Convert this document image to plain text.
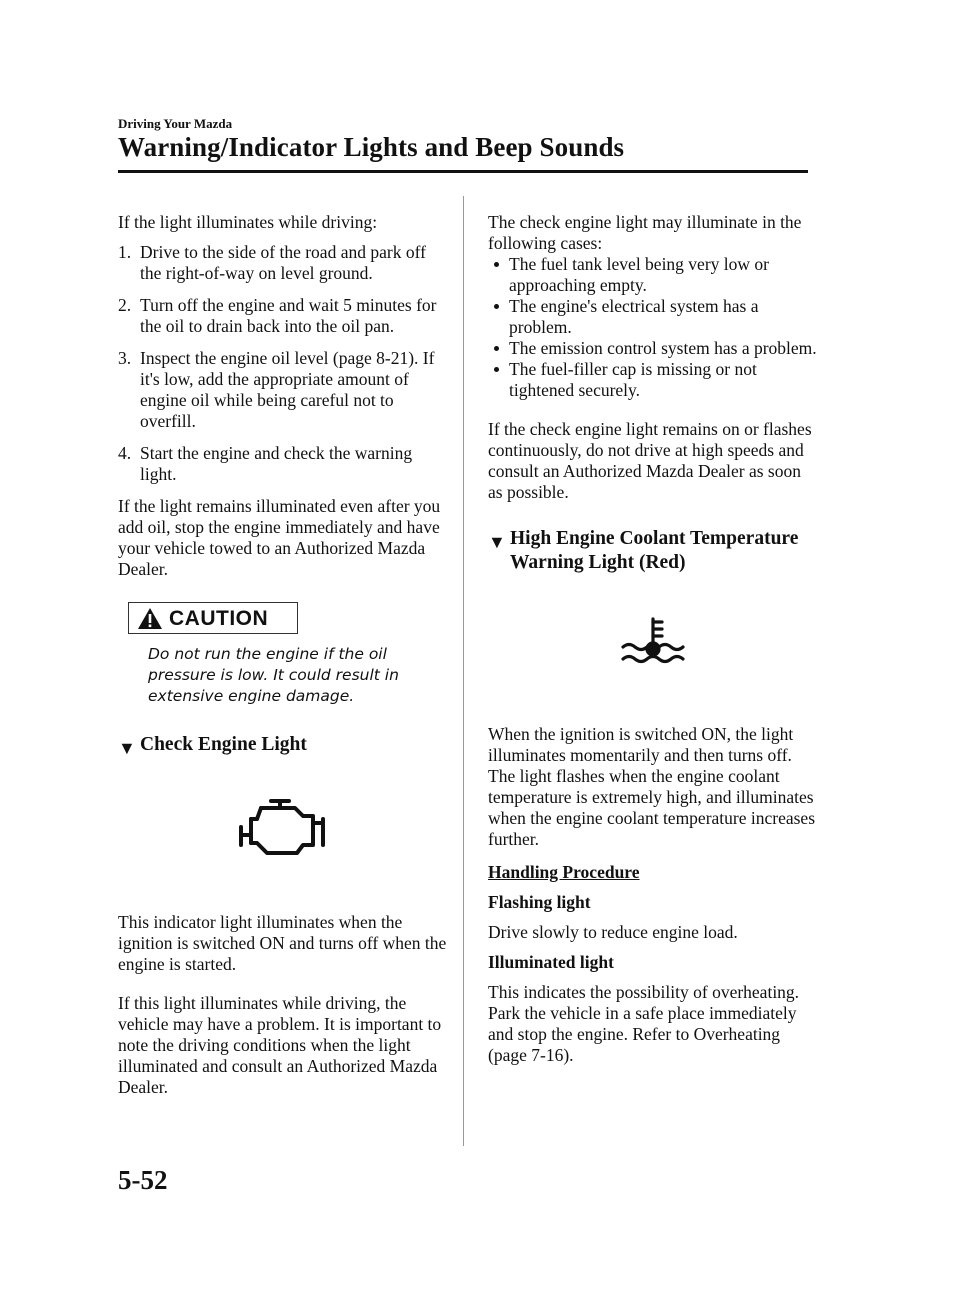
Driving Your Mazda
Warning/Indicator Lights and Beep Sounds

If the light illuminates while driving:

1. Drive to the side of the road and park off the right-of-way on level ground.
2. Turn off the engine and wait 5 minutes for the oil to drain back into the oil pan.
3. Inspect the engine oil level (page 8-21). If it's low, add the appropriate amount of engine oil while being careful not to overfill.
4. Start the engine and check the warning light.

If the light remains illuminated even after you add oil, stop the engine immediately and have your vehicle towed to an Authorized Mazda Dealer.

CAUTION
Do not run the engine if the oil pressure is low. It could result in extensive engine damage.
▼ Check Engine Light

This indicator light illuminates when the ignition is switched ON and turns off when the engine is started.

If this light illuminates while driving, the vehicle may have a problem. It is important to note the driving conditions when the light illuminated and consult an Authorized Mazda Dealer.

The check engine light may illuminate in the following cases:

The fuel tank level being very low or approaching empty.
The engine's electrical system has a problem.
The emission control system has a problem.
The fuel-filler cap is missing or not tightened securely.

If the check engine light remains on or flashes continuously, do not drive at high speeds and consult an Authorized Mazda Dealer as soon as possible.

▼ High Engine Coolant Temperature Warning Light (Red)

When the ignition is switched ON, the light illuminates momentarily and then turns off.

The light flashes when the engine coolant temperature is extremely high, and illuminates when the engine coolant temperature increases further.

Handling Procedure

Flashing light

Drive slowly to reduce engine load.

Illuminated light

This indicates the possibility of overheating. Park the vehicle in a safe place immediately and stop the engine. Refer to Overheating (page 7-16).

5-52
